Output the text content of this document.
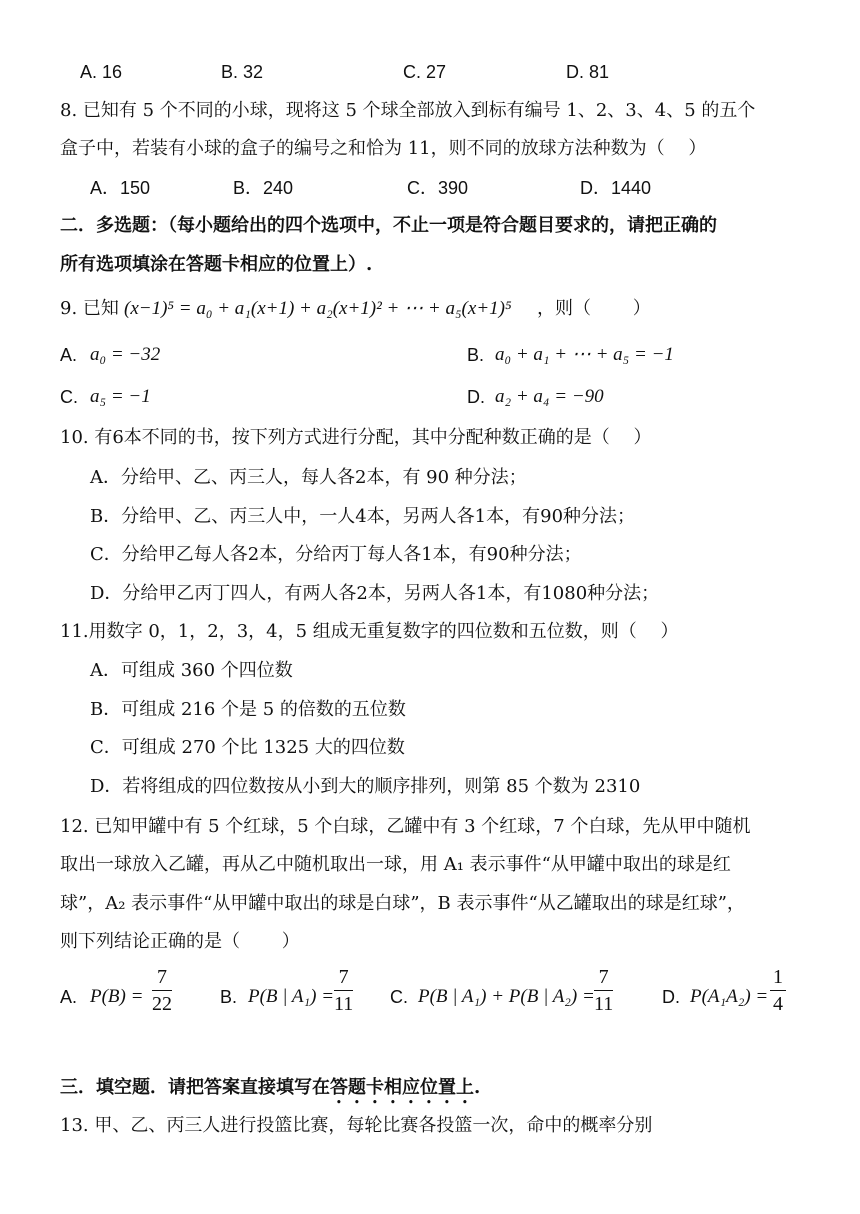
A. 16	B. 32	C. 27	D. 81
8. 已知有 5 个不同的小球，现将这 5 个球全部放入到标有编号 1、2、3、4、5 的五个
盒子中，若装有小球的盒子的编号之和恰为 11，则不同的放球方法种数为（　 ）
A．150	B．240	C．390	D．1440
二．多选题：（每小题给出的四个选项中，不止一项是符合题目要求的，请把正确的
所有选项填涂在答题卡相应的位置上）.
9. 已知 (x−1)⁵ = a₀ + a₁(x+1) + a₂(x+1)² + ⋯ + a₅(x+1)⁵ ，则（　　 ）
A. a₀ = −32	B. a₀ + a₁ + ⋯ + a₅ = −1
C. a₅ = −1	D. a₂ + a₄ = −90
10. 有6本不同的书，按下列方式进行分配，其中分配种数正确的是（　 ）
A．分给甲、乙、丙三人，每人各2本，有 90 种分法；
B．分给甲、乙、丙三人中，一人4本，另两人各1本，有90种分法；
C．分给甲乙每人各2本，分给丙丁每人各1本，有90种分法；
D．分给甲乙丙丁四人，有两人各2本，另两人各1本，有1080种分法；
11.用数字 0，1，2，3，4，5 组成无重复数字的四位数和五位数，则（　 ）
A．可组成 360 个四位数
B．可组成 216 个是 5 的倍数的五位数
C．可组成 270 个比 1325 大的四位数
D．若将组成的四位数按从小到大的顺序排列，则第 85 个数为 2310
12. 已知甲罐中有 5 个红球，5 个白球，乙罐中有 3 个红球，7 个白球，先从甲中随机
取出一球放入乙罐，再从乙中随机取出一球，用 A₁ 表示事件“从甲罐中取出的球是红
球”，A₂ 表示事件“从甲罐中取出的球是白球”，B 表示事件“从乙罐取出的球是红球”，
则下列结论正确的是（　　 ）
A. $P(B) = \frac{7}{22}$	B. P(B | $A_1) = \frac{7}{11} C$. P(B | A₁) + P(B | $A_2) = \frac{7}{11}$	D. $P(A_1A_2) = \frac{1}{4}$
三．填空题．请把答案直接填写在答题卡相应位置上.
13. 甲、乙、丙三人进行投篮比赛，每轮比赛各投篮一次，命中的概率分别
